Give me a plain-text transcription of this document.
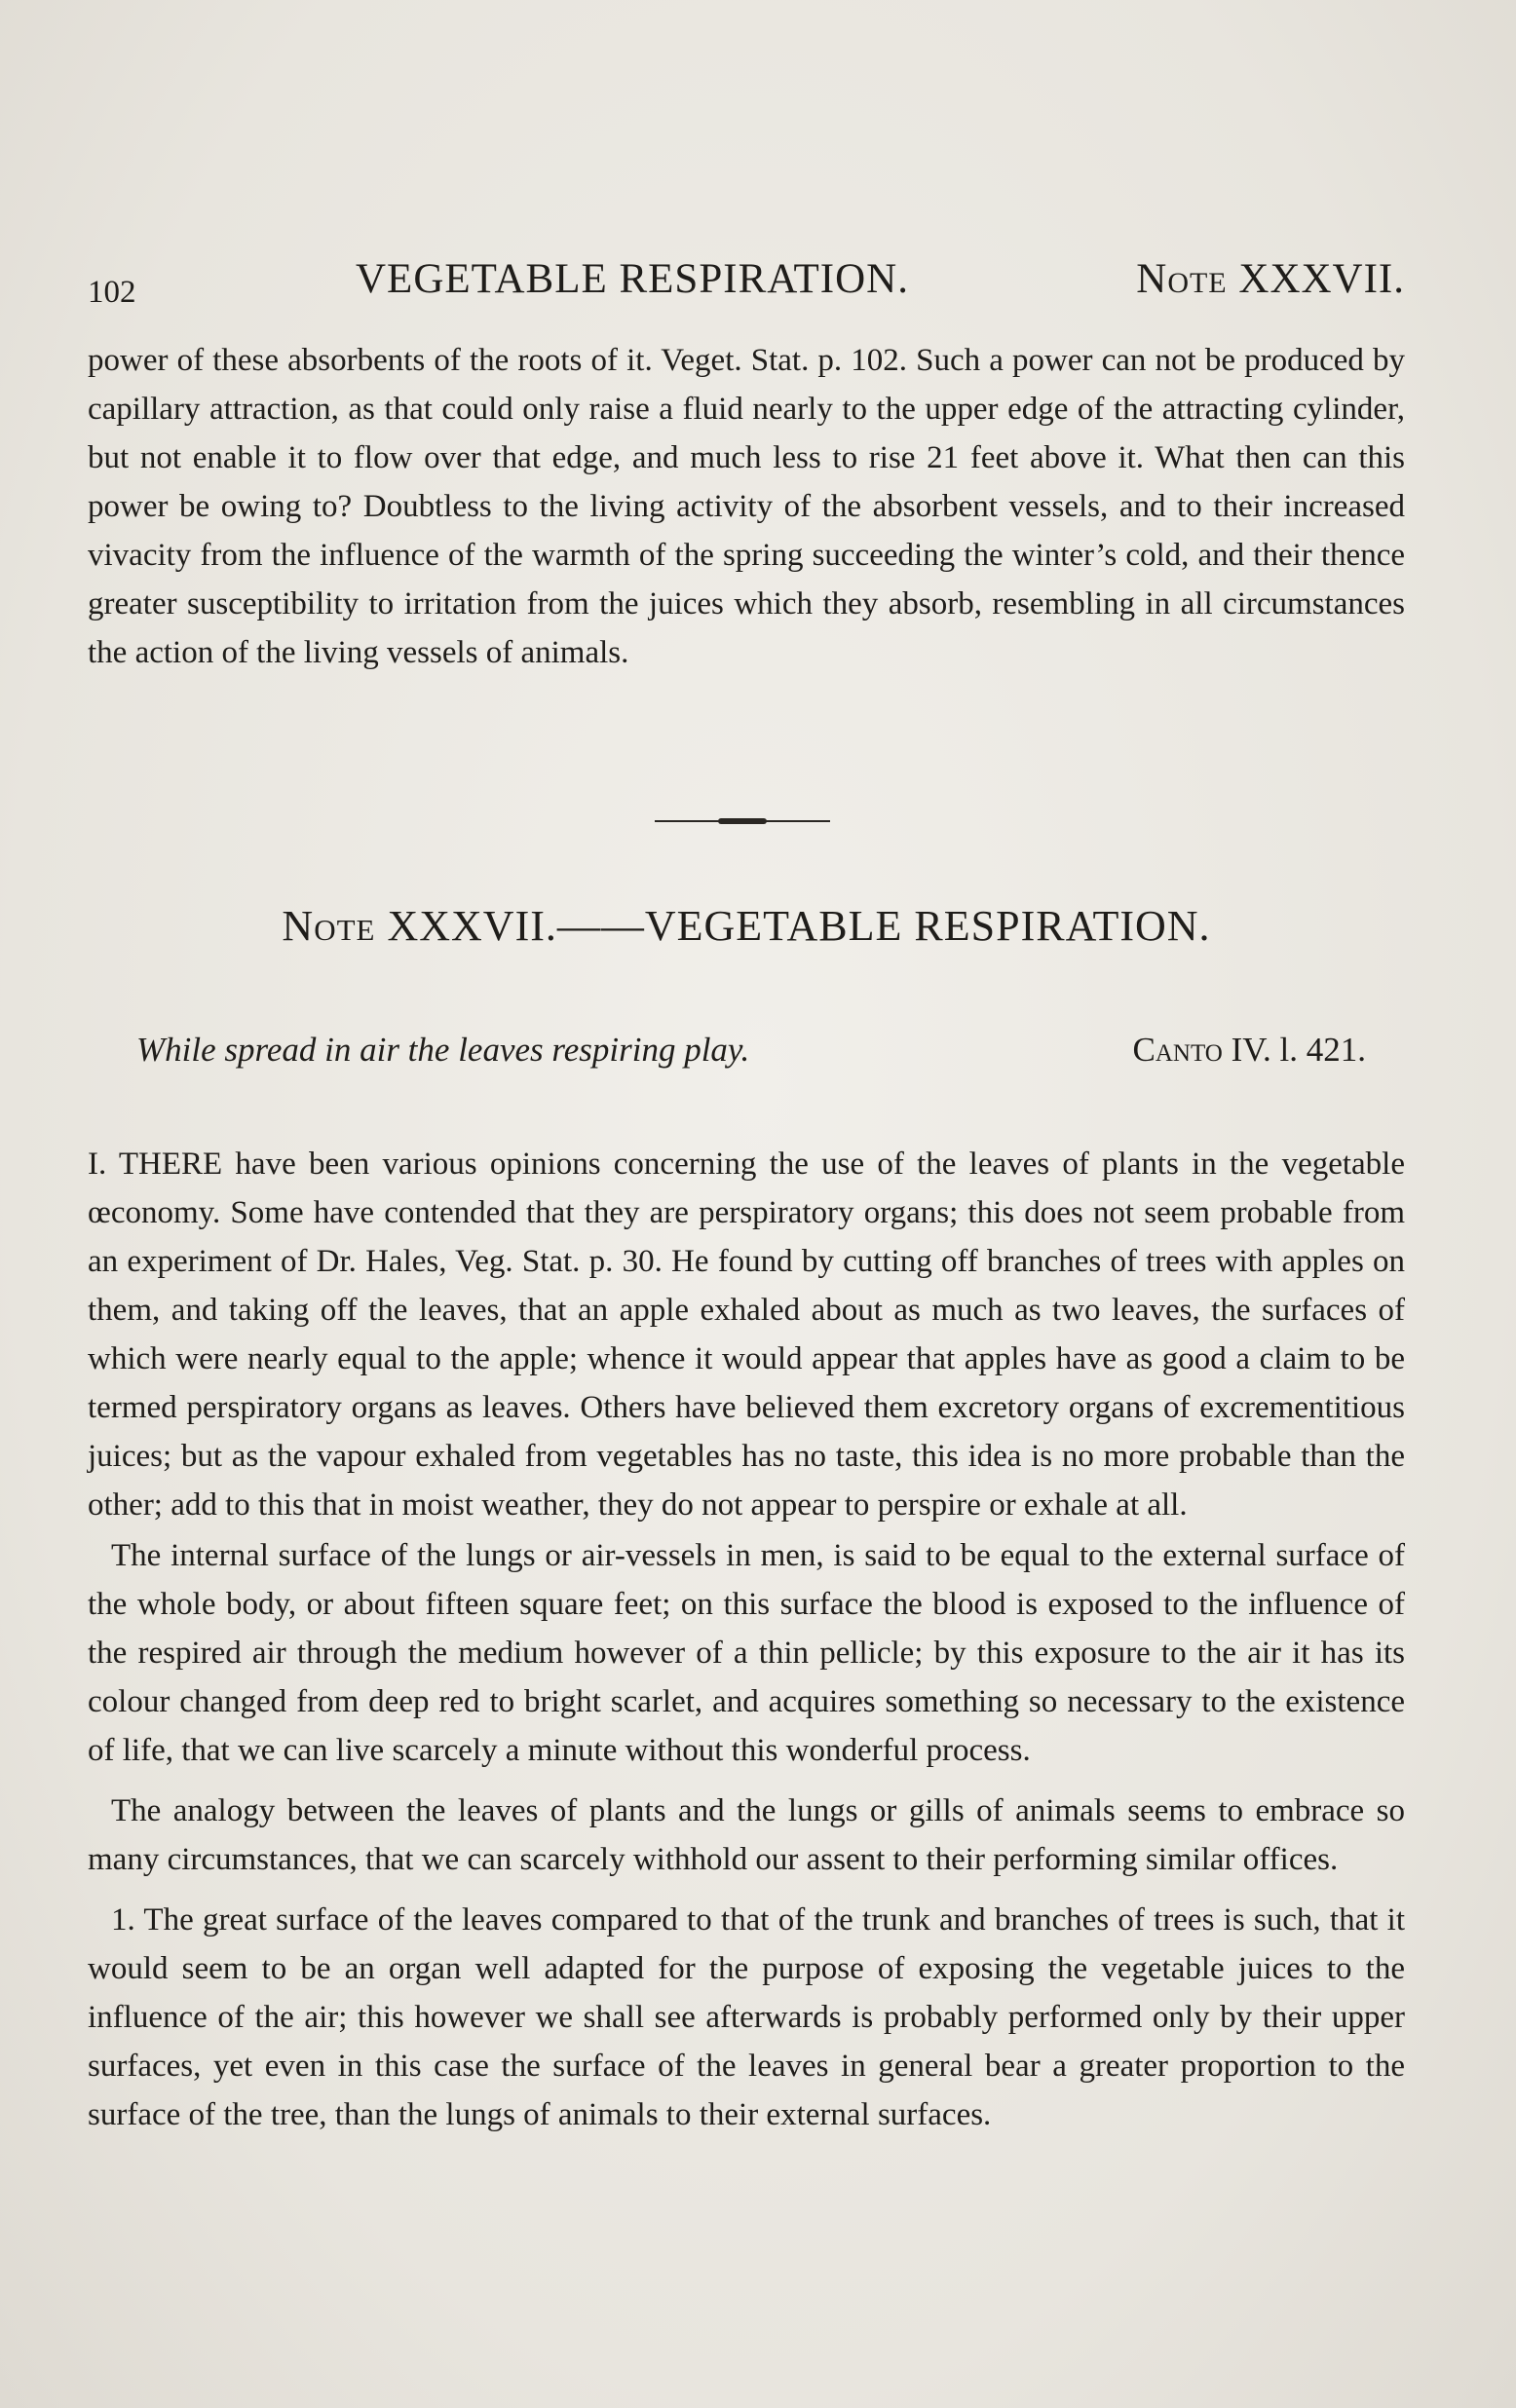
102	VEGETABLE RESPIRATION.	Note XXXVII.

power of these absorbents of the roots of it. Veget. Stat. p. 102. Such a power can not be produced by capillary attraction, as that could only raise a fluid nearly to the upper edge of the attracting cylinder, but not enable it to flow over that edge, and much less to rise 21 feet above it. What then can this power be owing to? Doubtless to the living activity of the absorbent vessels, and to their increased vivacity from the influence of the warmth of the spring succeeding the winter’s cold, and their thence greater susceptibility to irritation from the juices which they absorb, resembling in all circumstances the action of the living vessels of animals.

Note XXXVII.——VEGETABLE RESPIRATION.
While spread in air the leaves respiring play.	Canto IV. l. 421.

I. THERE have been various opinions concerning the use of the leaves of plants in the vegetable œconomy. Some have contended that they are perspiratory organs; this does not seem probable from an experiment of Dr. Hales, Veg. Stat. p. 30. He found by cutting off branches of trees with apples on them, and taking off the leaves, that an apple exhaled about as much as two leaves, the surfaces of which were nearly equal to the apple; whence it would appear that apples have as good a claim to be termed perspiratory organs as leaves. Others have believed them excretory organs of excrementitious juices; but as the vapour exhaled from vegetables has no taste, this idea is no more probable than the other; add to this that in moist weather, they do not appear to perspire or exhale at all.

The internal surface of the lungs or air-vessels in men, is said to be equal to the external surface of the whole body, or about fifteen square feet; on this surface the blood is exposed to the influence of the respired air through the medium however of a thin pellicle; by this exposure to the air it has its colour changed from deep red to bright scarlet, and acquires something so necessary to the existence of life, that we can live scarcely a minute without this wonderful process.

The analogy between the leaves of plants and the lungs or gills of animals seems to embrace so many circumstances, that we can scarcely withhold our assent to their performing similar offices.

1. The great surface of the leaves compared to that of the trunk and branches of trees is such, that it would seem to be an organ well adapted for the purpose of exposing the vegetable juices to the influence of the air; this however we shall see afterwards is probably performed only by their upper surfaces, yet even in this case the surface of the leaves in general bear a greater proportion to the surface of the tree, than the lungs of animals to their external surfaces.
